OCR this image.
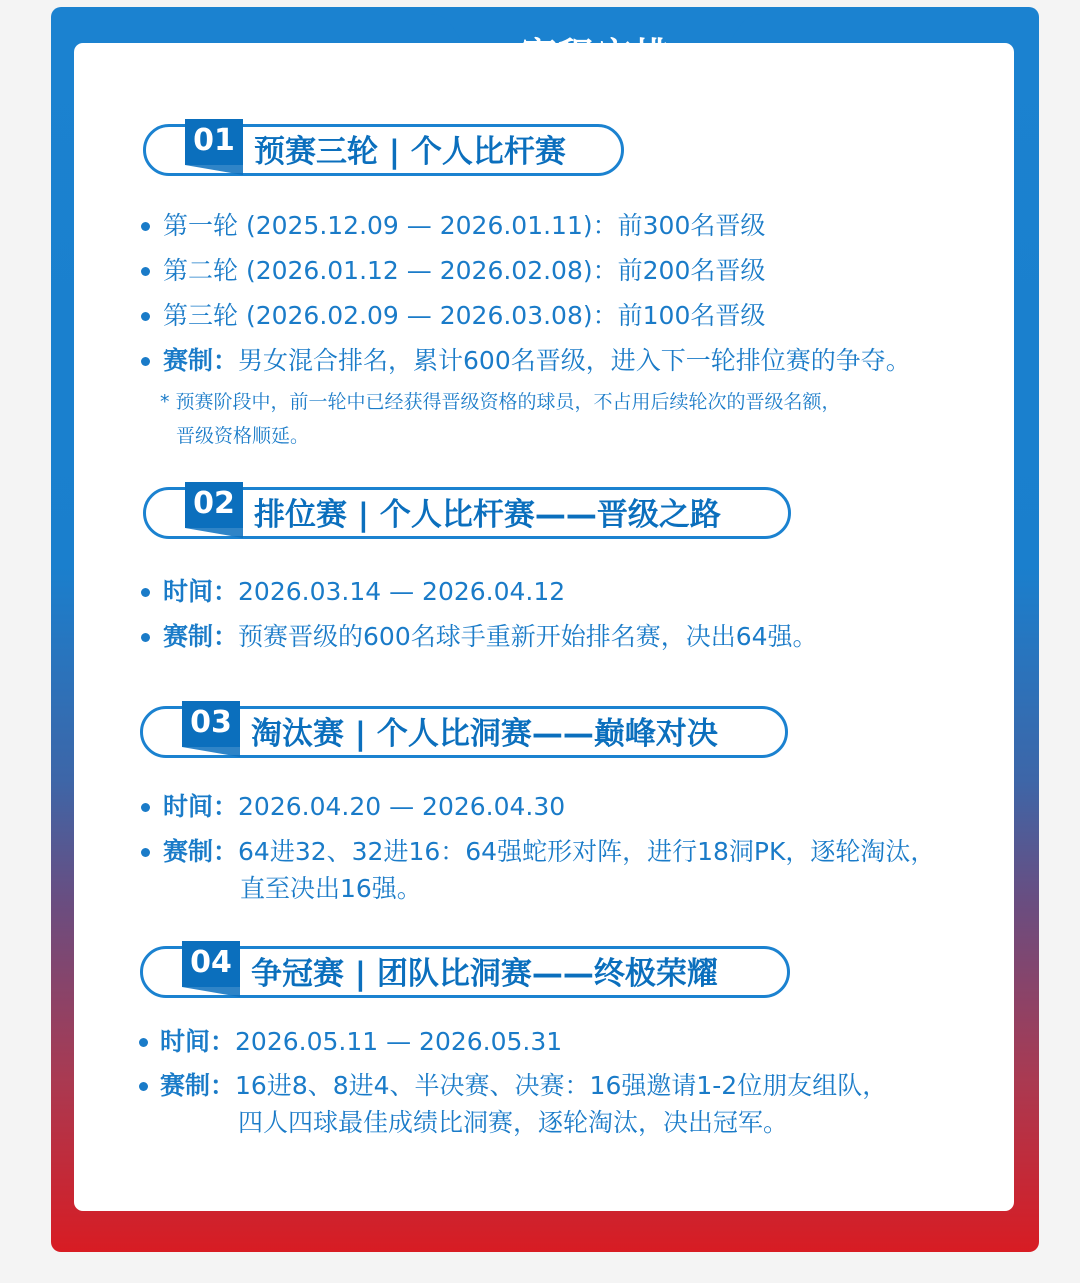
01 预赛三轮 | 个人比杆赛
第一轮 (2025.12.09 — 2026.01.11)：前300名晋级
第二轮 (2026.01.12 — 2026.02.08)：前200名晋级
第三轮 (2026.02.09 — 2026.03.08)：前100名晋级
赛制：男女混合排名，累计600名晋级，进入下一轮排位赛的争夺。
* 预赛阶段中，前一轮中已经获得晋级资格的球员，不占用后续轮次的晋级名额，
晋级资格顺延。
02 排位赛 | 个人比杆赛——晋级之路
时间：2026.03.14 — 2026.04.12
赛制：预赛晋级的600名球手重新开始排名赛，决出64强。
03 淘汰赛 | 个人比洞赛——巅峰对决
时间：2026.04.20 — 2026.04.30
赛制：64进32、32进16：64强蛇形对阵，进行18洞PK，逐轮淘汰，
直至决出16强。
04 争冠赛 | 团队比洞赛——终极荣耀
时间：2026.05.11 — 2026.05.31
赛制：16进8、8进4、半决赛、决赛：16强邀请1-2位朋友组队，
四人四球最佳成绩比洞赛，逐轮淘汰，决出冠军。
